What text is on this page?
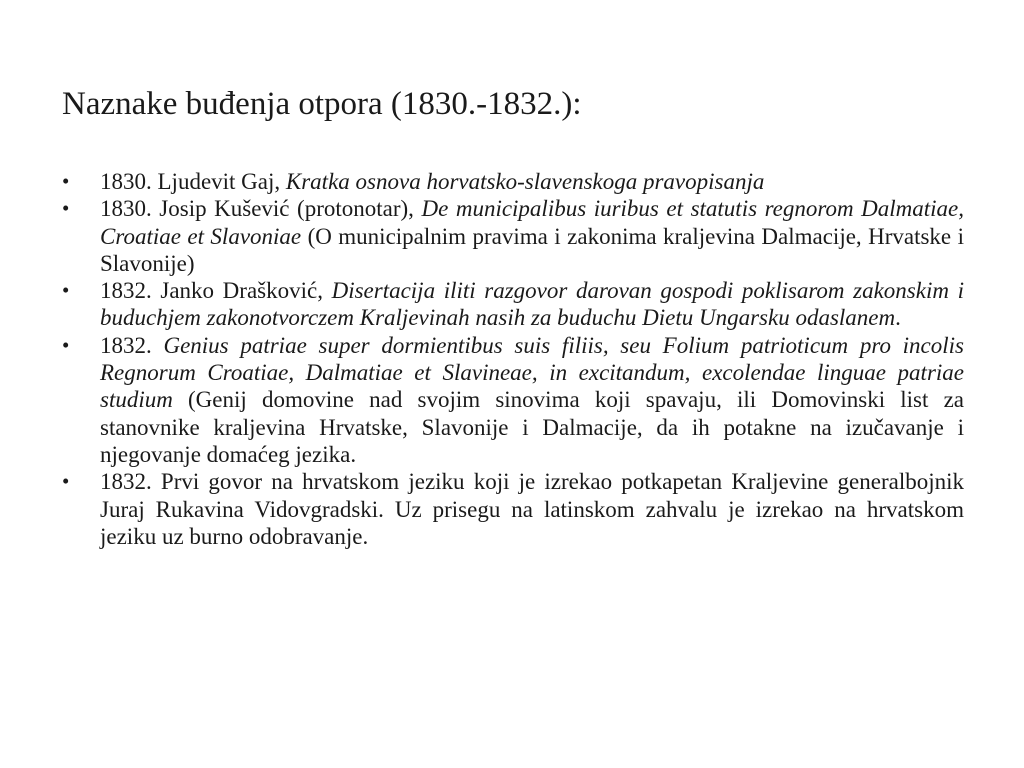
Naznake buđenja otpora (1830.-1832.):
• 1830. Ljudevit Gaj, Kratka osnova horvatsko-slavenskoga pravopisanja
• 1830. Josip Kušević (protonotar), De municipalibus iuribus et statutis regnorom Dalmatiae, Croatiae et Slavoniae (O municipalnim pravima i zakonima kraljevina Dalmacije, Hrvatske i Slavonije)
• 1832. Janko Drašković, Disertacija iliti razgovor darovan gospodi poklisarom zakonskim i buduchjem zakonotvorczem Kraljevinah nasih za buduchu Dietu Ungarsku odaslanem.
• 1832. Genius patriae super dormientibus suis filiis, seu Folium patrioticum pro incolis Regnorum Croatiae, Dalmatiae et Slavineae, in excitandum, excolendae linguae patriae studium (Genij domovine nad svojim sinovima koji spavaju, ili Domovinski list za stanovnike kraljevina Hrvatske, Slavonije i Dalmacije, da ih potakne na izučavanje i njegovanje domaćeg jezika.
• 1832. Prvi govor na hrvatskom jeziku koji je izrekao potkapetan Kraljevine generalbojnik Juraj Rukavina Vidovgradski. Uz prisegu na latinskom zahvalu je izrekao na hrvatskom jeziku uz burno odobravanje.
